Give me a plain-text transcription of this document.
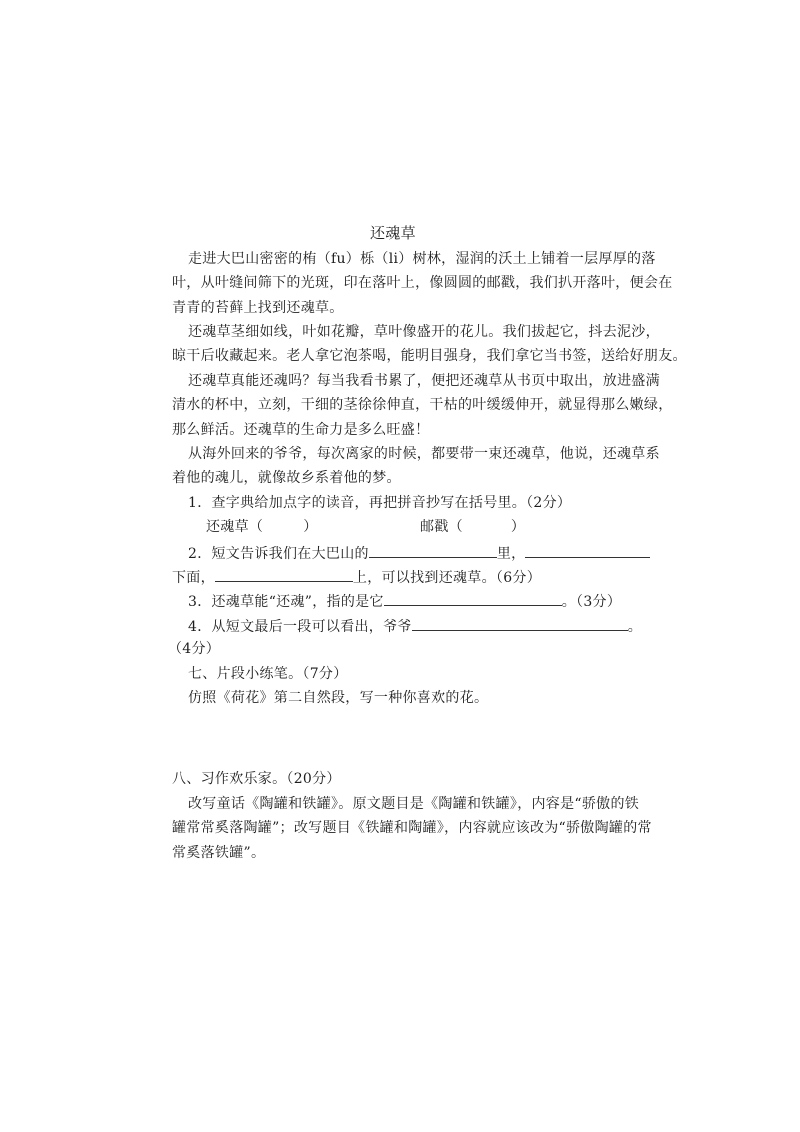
还魂草
走进大巴山密密的栯（fu）栎（li）树林，湿润的沃土上铺着一层厚厚的落
叶，从叶缝间筛下的光斑，印在落叶上，像圆圆的邮戳，我们扒开落叶，便会在
青青的苔藓上找到还魂草。
还魂草茎细如线，叶如花瓣，草叶像盛开的花儿。我们拔起它，抖去泥沙，
晾干后收藏起来。老人拿它泡茶喝，能明目强身，我们拿它当书签，送给好朋友。
还魂草真能还魂吗？每当我看书累了，便把还魂草从书页中取出，放进盛满
清水的杯中，立刻，干细的茎徐徐伸直，干枯的叶缓缓伸开，就显得那么嫩绿，
那么鲜活。还魂草的生命力是多么旺盛！
从海外回来的爷爷，每次离家的时候，都要带一束还魂草，他说，还魂草系
着他的魂儿，就像故乡系着他的梦。
1．查字典给加点字的读音，再把拼音抄写在括号里。（2分）
还魂草（	）	邮戳（	）
2．短文告诉我们在大巴山的	里，
下面，	上，可以找到还魂草。（6分）
3．还魂草能“还魂”，指的是它	。（3分）
4．从短文最后一段可以看出，爷爷	。
（4分）
七、片段小练笔。（7分）
仿照《荷花》第二自然段，写一种你喜欢的花。
八、习作欢乐家。（20分）
改写童话《陶罐和铁罐》。原文题目是《陶罐和铁罐》，内容是“骄傲的铁
罐常常奚落陶罐”；改写题目《铁罐和陶罐》，内容就应该改为“骄傲陶罐的常
常奚落铁罐”。
